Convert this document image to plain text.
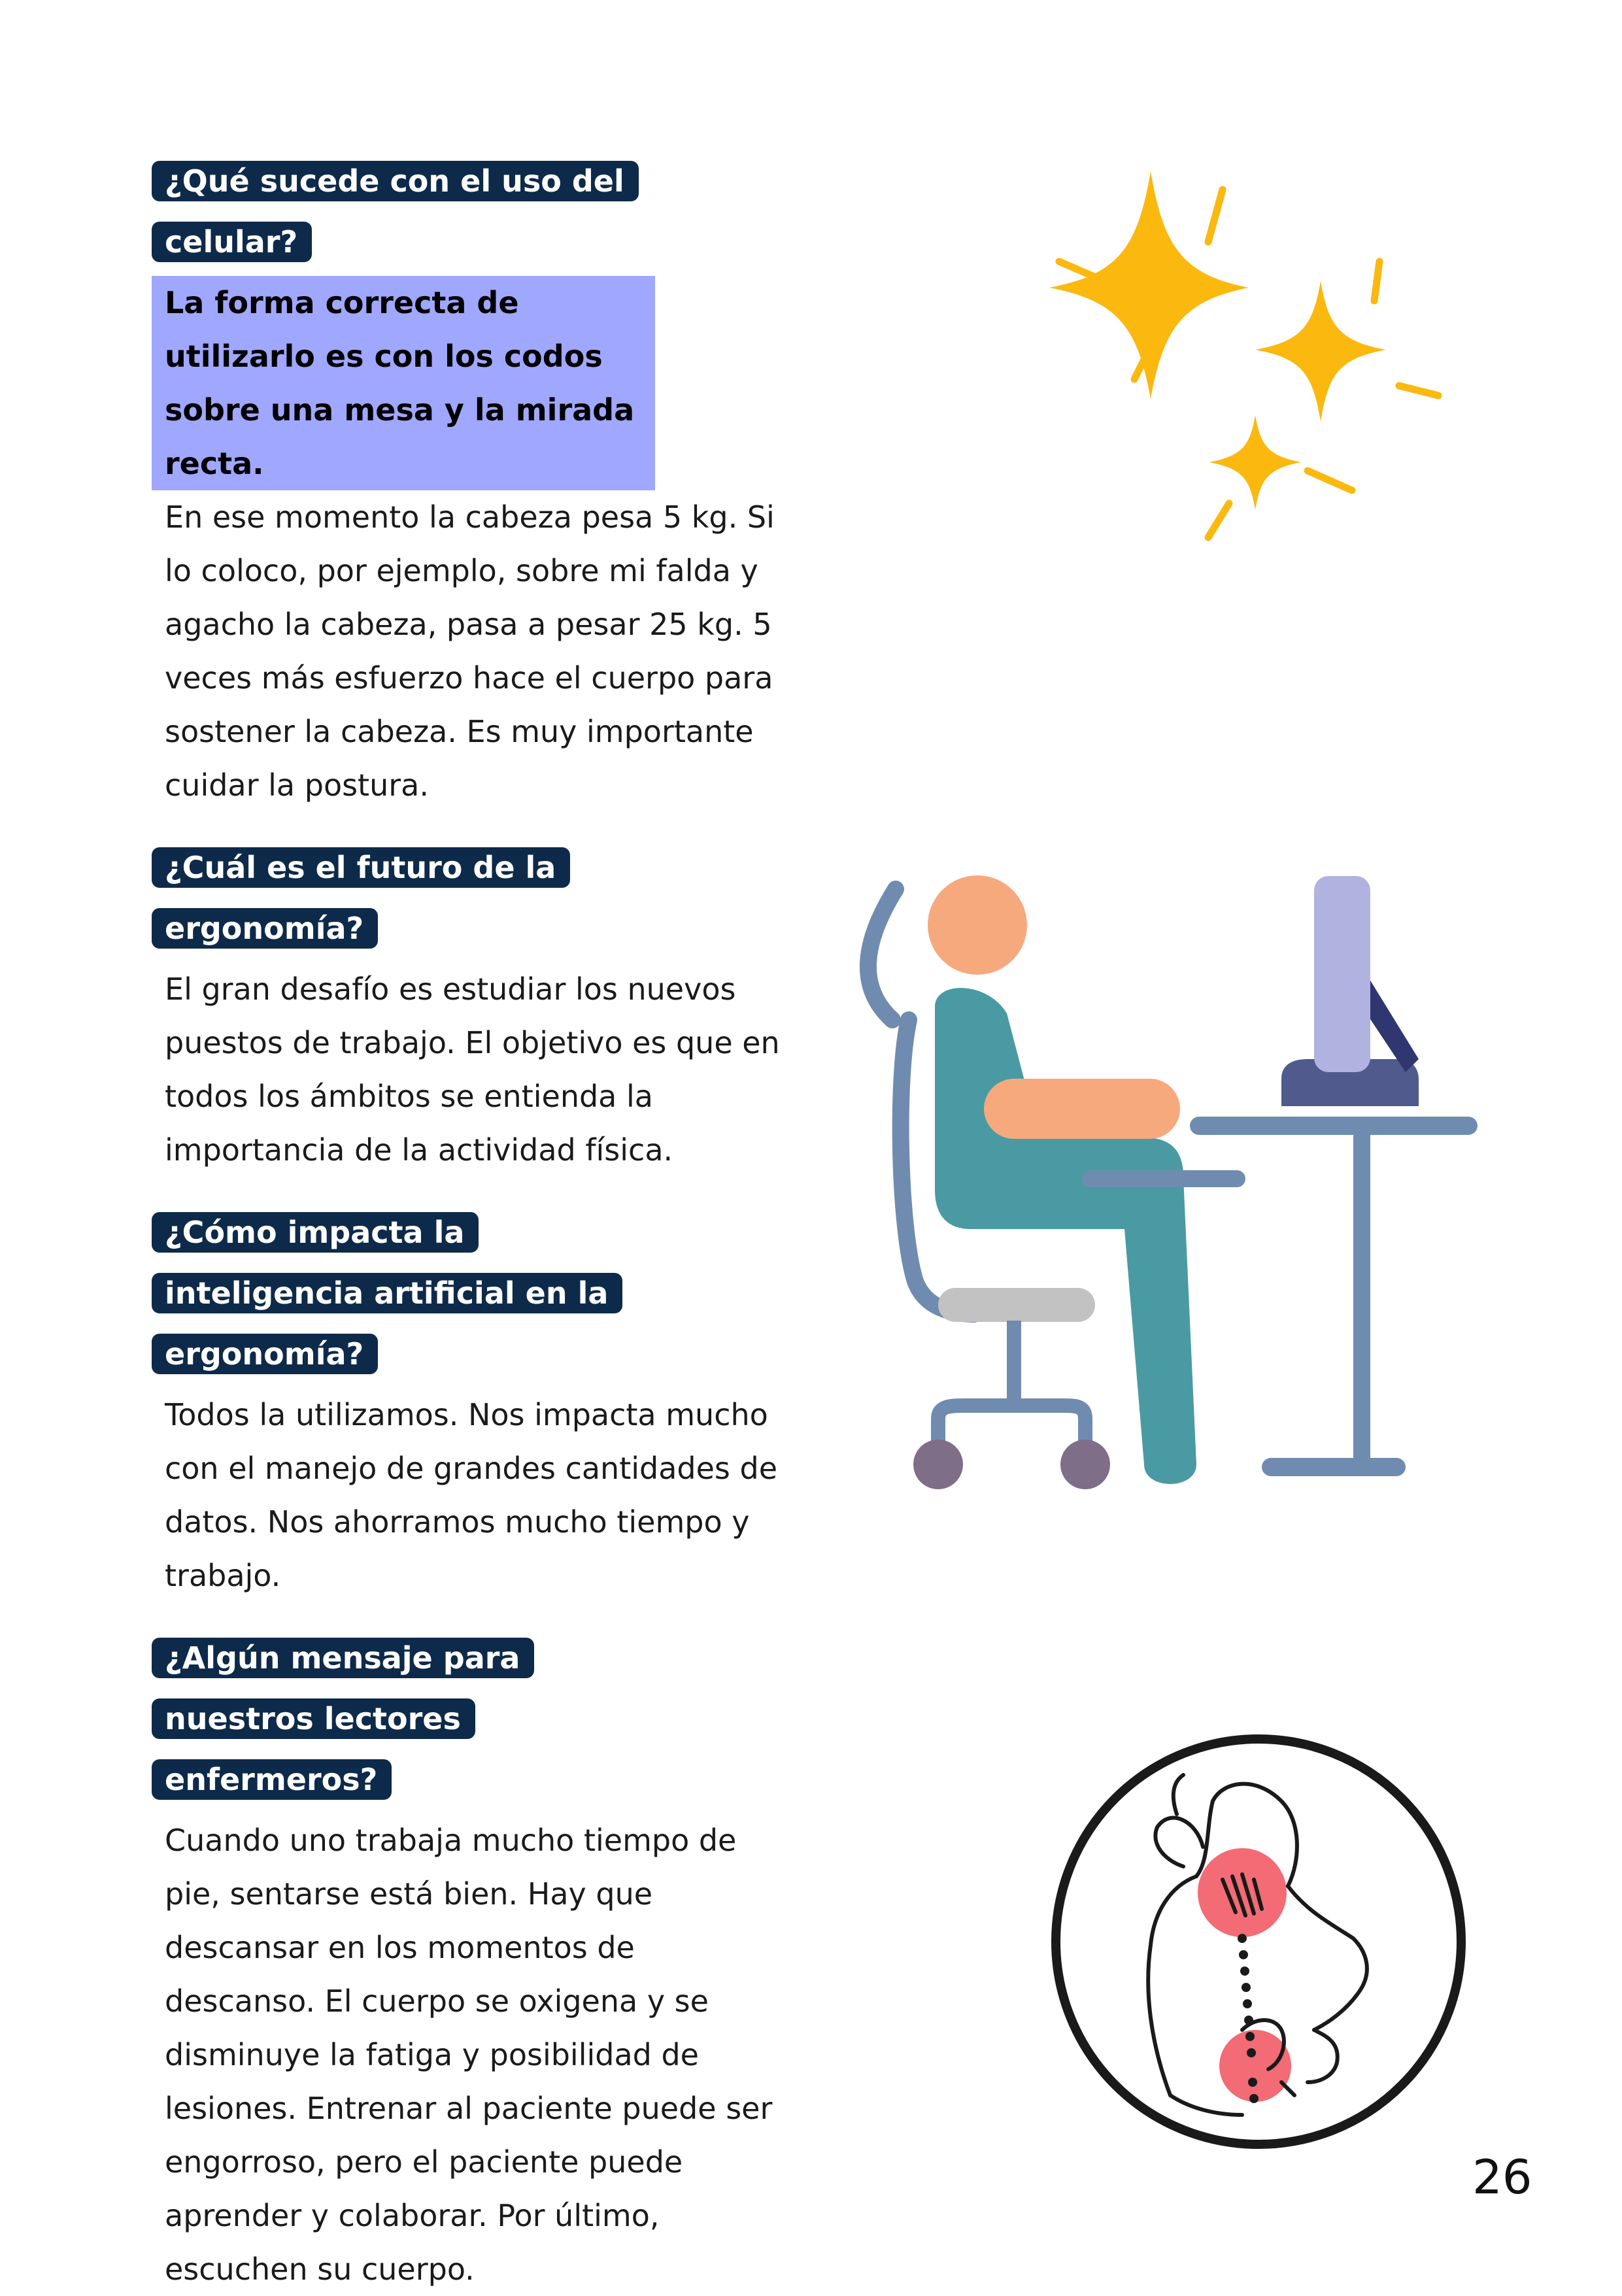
¿Qué sucede con el uso del celular?

La forma correcta de utilizarlo es con los codos sobre una mesa y la mirada recta.

En ese momento la cabeza pesa 5 kg. Si lo coloco, por ejemplo, sobre mi falda y agacho la cabeza, pasa a pesar 25 kg. 5 veces más esfuerzo hace el cuerpo para sostener la cabeza. Es muy importante cuidar la postura.

¿Cuál es el futuro de la ergonomía?

El gran desafío es estudiar los nuevos puestos de trabajo. El objetivo es que en todos los ámbitos se entienda la importancia de la actividad física.

¿Cómo impacta la inteligencia artificial en la ergonomía?

Todos la utilizamos. Nos impacta mucho con el manejo de grandes cantidades de datos. Nos ahorramos mucho tiempo y trabajo.

¿Algún mensaje para nuestros lectores enfermeros?

Cuando uno trabaja mucho tiempo de pie, sentarse está bien. Hay que descansar en los momentos de descanso. El cuerpo se oxigena y se disminuye la fatiga y posibilidad de lesiones. Entrenar al paciente puede ser engorroso, pero el paciente puede aprender y colaborar. Por último, escuchen su cuerpo.

26
